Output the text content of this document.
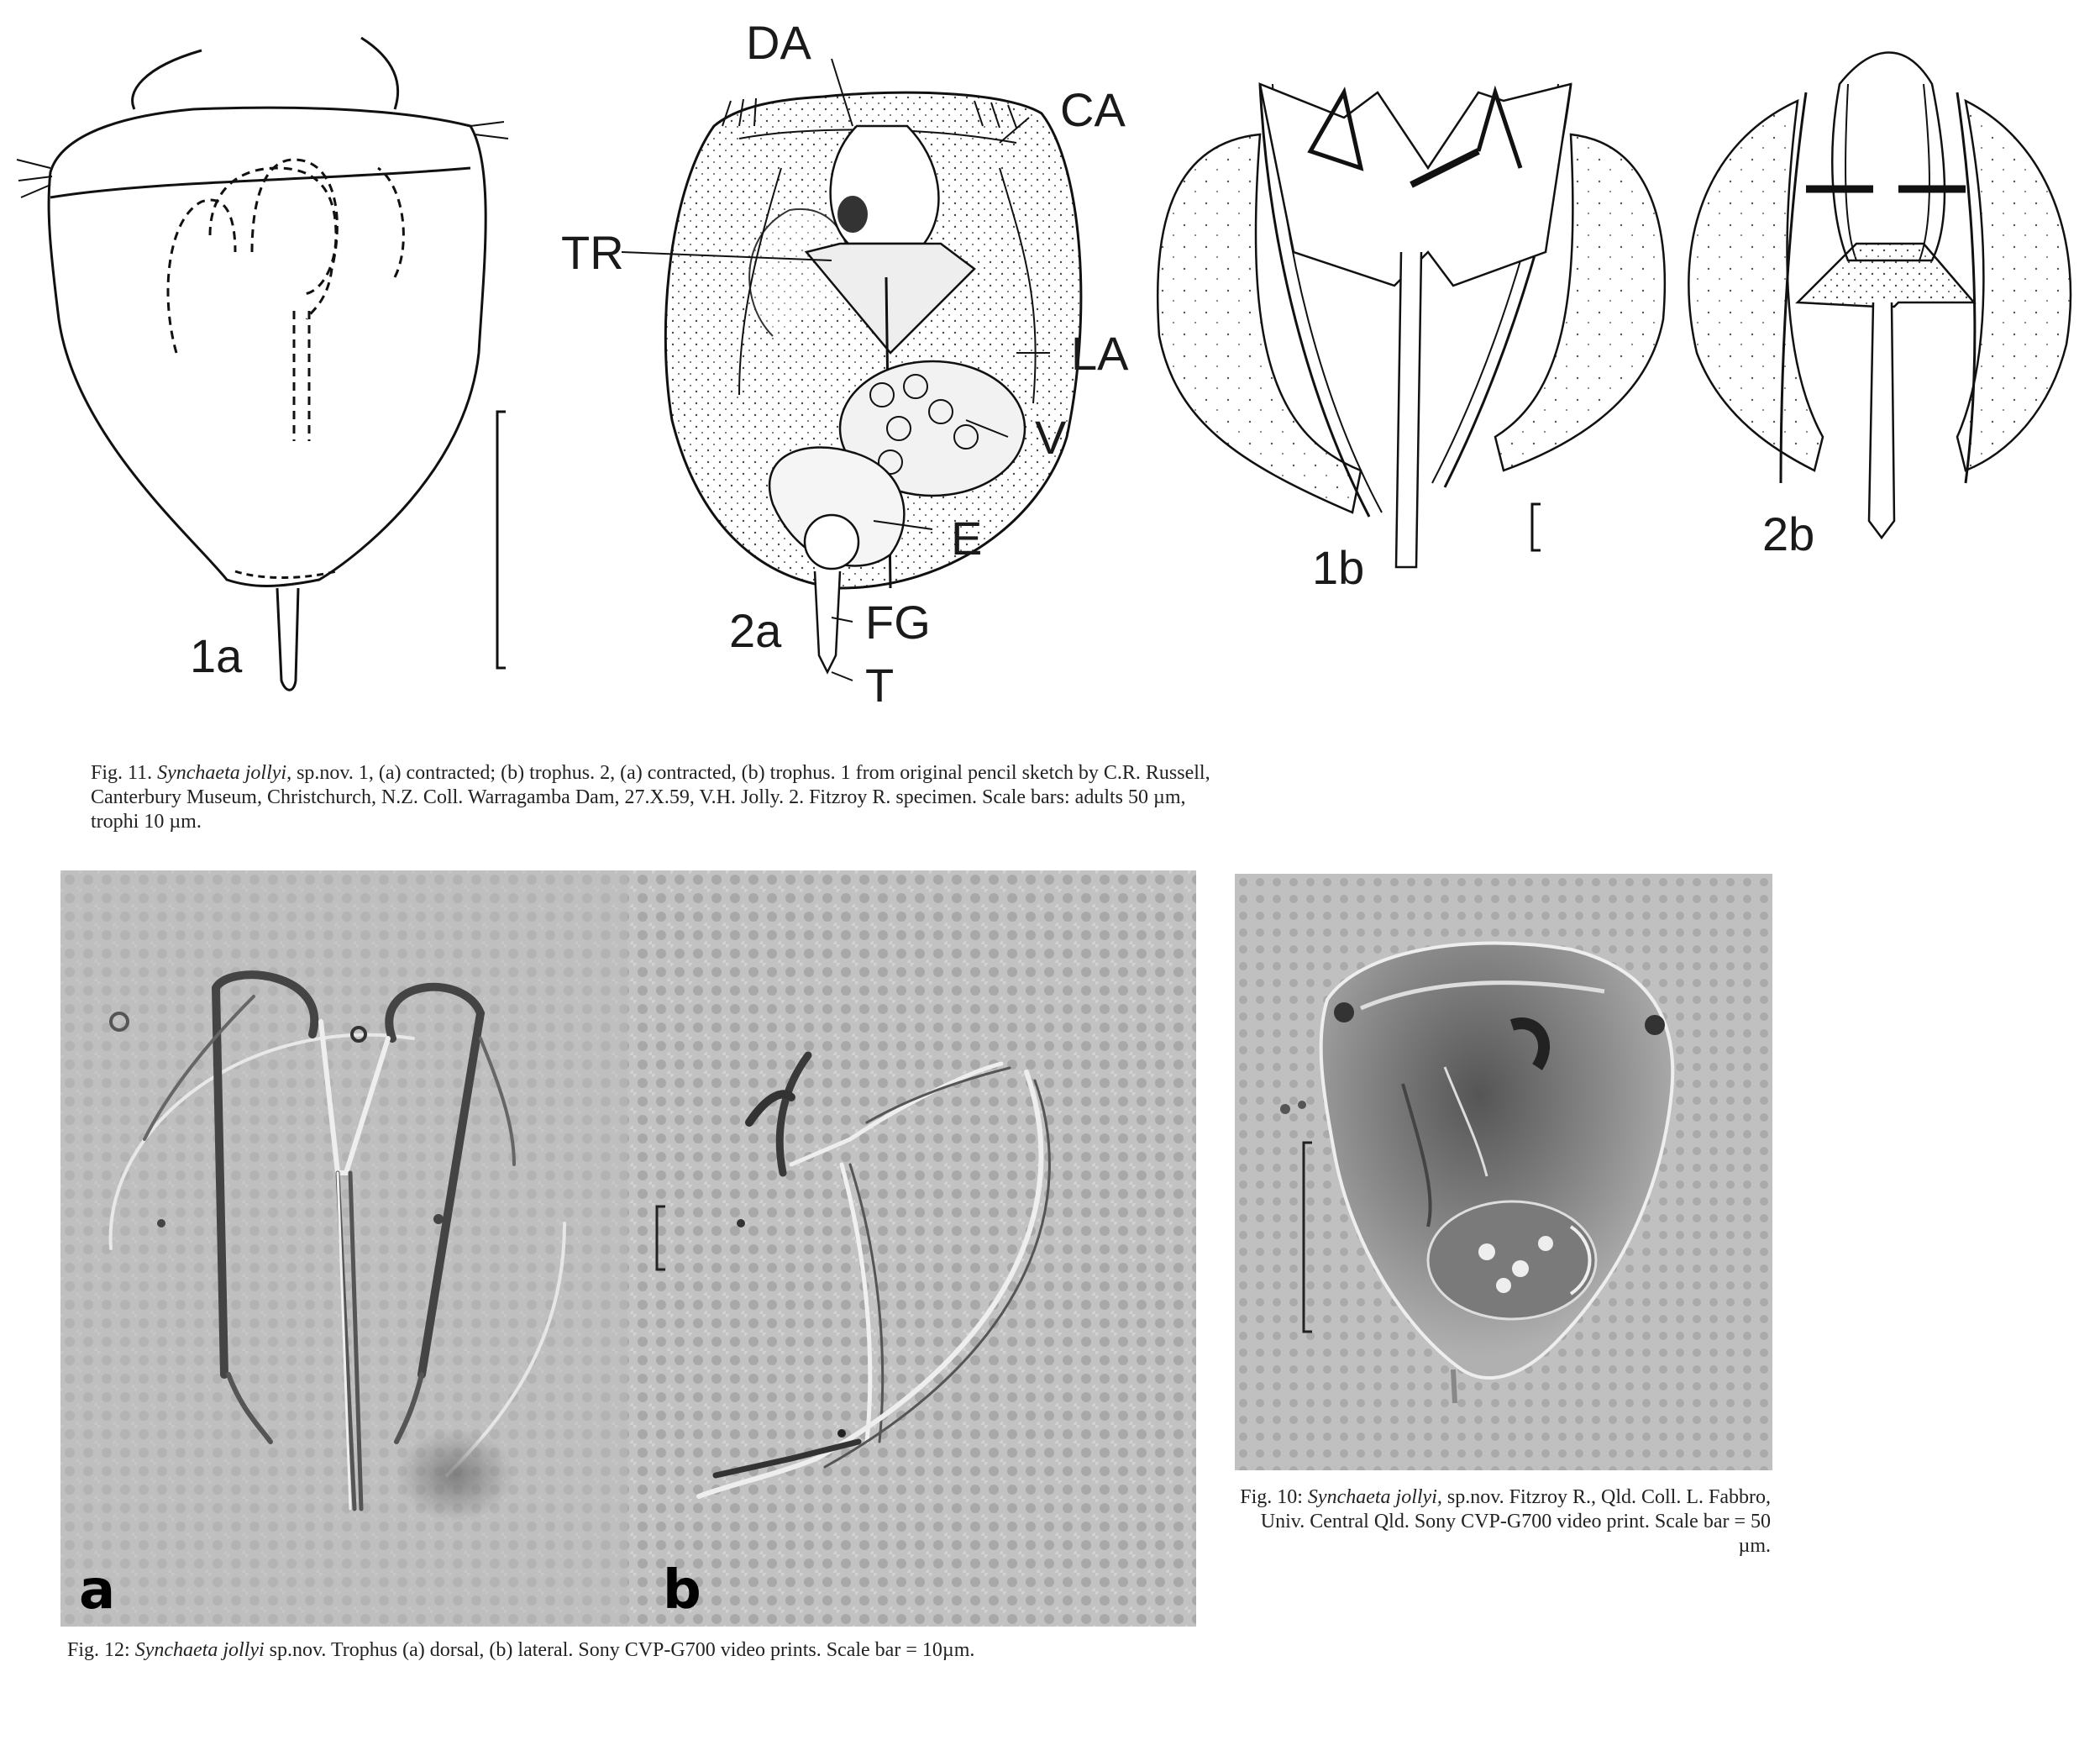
1a
DA
CA
TR
LA
V
E
FG
T
2a
1b
2b
Fig. 11. Synchaeta jollyi, sp.nov. 1, (a) contracted; (b) trophus. 2, (a) contracted, (b) trophus. 1 from original pencil sketch by C.R. Russell, Canterbury Museum, Christchurch, N.Z. Coll. Warragamba Dam, 27.X.59, V.H. Jolly. 2. Fitzroy R. specimen. Scale bars: adults 50 µm, trophi 10 µm.
a	b
Fig. 12: Synchaeta jollyi sp.nov. Trophus (a) dorsal, (b) lateral. Sony CVP-G700 video prints. Scale bar = 10µm.
Fig. 10: Synchaeta jollyi, sp.nov. Fitzroy R., Qld. Coll. L. Fabbro, Univ. Central Qld. Sony CVP-G700 video print. Scale bar = 50 µm.
